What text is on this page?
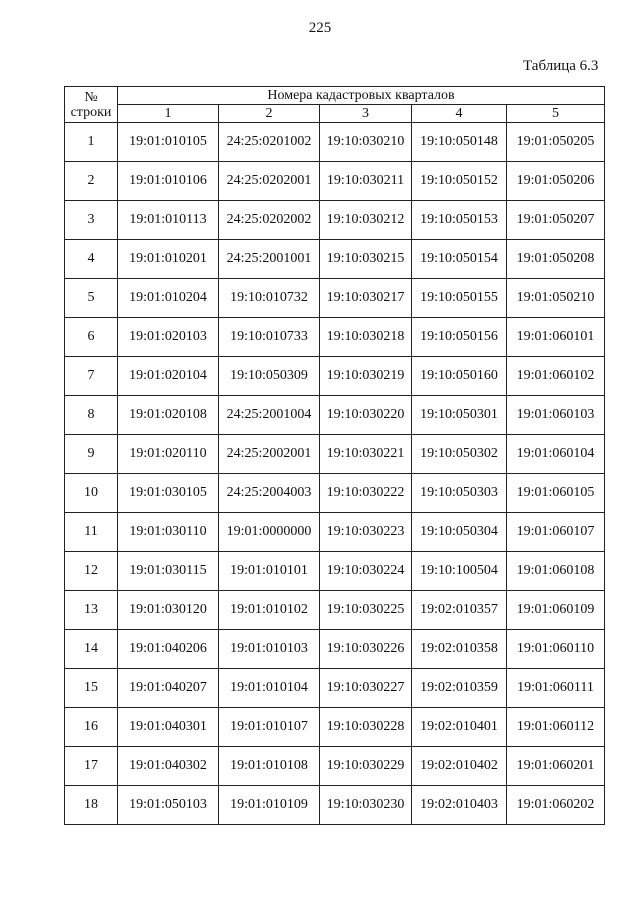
225
Таблица 6.3
№
строки	Номера кадастровых кварталов				
	1	2	3	4	5
1	19:01:010105	24:25:0201002	19:10:030210	19:10:050148	19:01:050205
2	19:01:010106	24:25:0202001	19:10:030211	19:10:050152	19:01:050206
3	19:01:010113	24:25:0202002	19:10:030212	19:10:050153	19:01:050207
4	19:01:010201	24:25:2001001	19:10:030215	19:10:050154	19:01:050208
5	19:01:010204	19:10:010732	19:10:030217	19:10:050155	19:01:050210
6	19:01:020103	19:10:010733	19:10:030218	19:10:050156	19:01:060101
7	19:01:020104	19:10:050309	19:10:030219	19:10:050160	19:01:060102
8	19:01:020108	24:25:2001004	19:10:030220	19:10:050301	19:01:060103
9	19:01:020110	24:25:2002001	19:10:030221	19:10:050302	19:01:060104
10	19:01:030105	24:25:2004003	19:10:030222	19:10:050303	19:01:060105
11	19:01:030110	19:01:0000000	19:10:030223	19:10:050304	19:01:060107
12	19:01:030115	19:01:010101	19:10:030224	19:10:100504	19:01:060108
13	19:01:030120	19:01:010102	19:10:030225	19:02:010357	19:01:060109
14	19:01:040206	19:01:010103	19:10:030226	19:02:010358	19:01:060110
15	19:01:040207	19:01:010104	19:10:030227	19:02:010359	19:01:060111
16	19:01:040301	19:01:010107	19:10:030228	19:02:010401	19:01:060112
17	19:01:040302	19:01:010108	19:10:030229	19:02:010402	19:01:060201
18	19:01:050103	19:01:010109	19:10:030230	19:02:010403	19:01:060202
